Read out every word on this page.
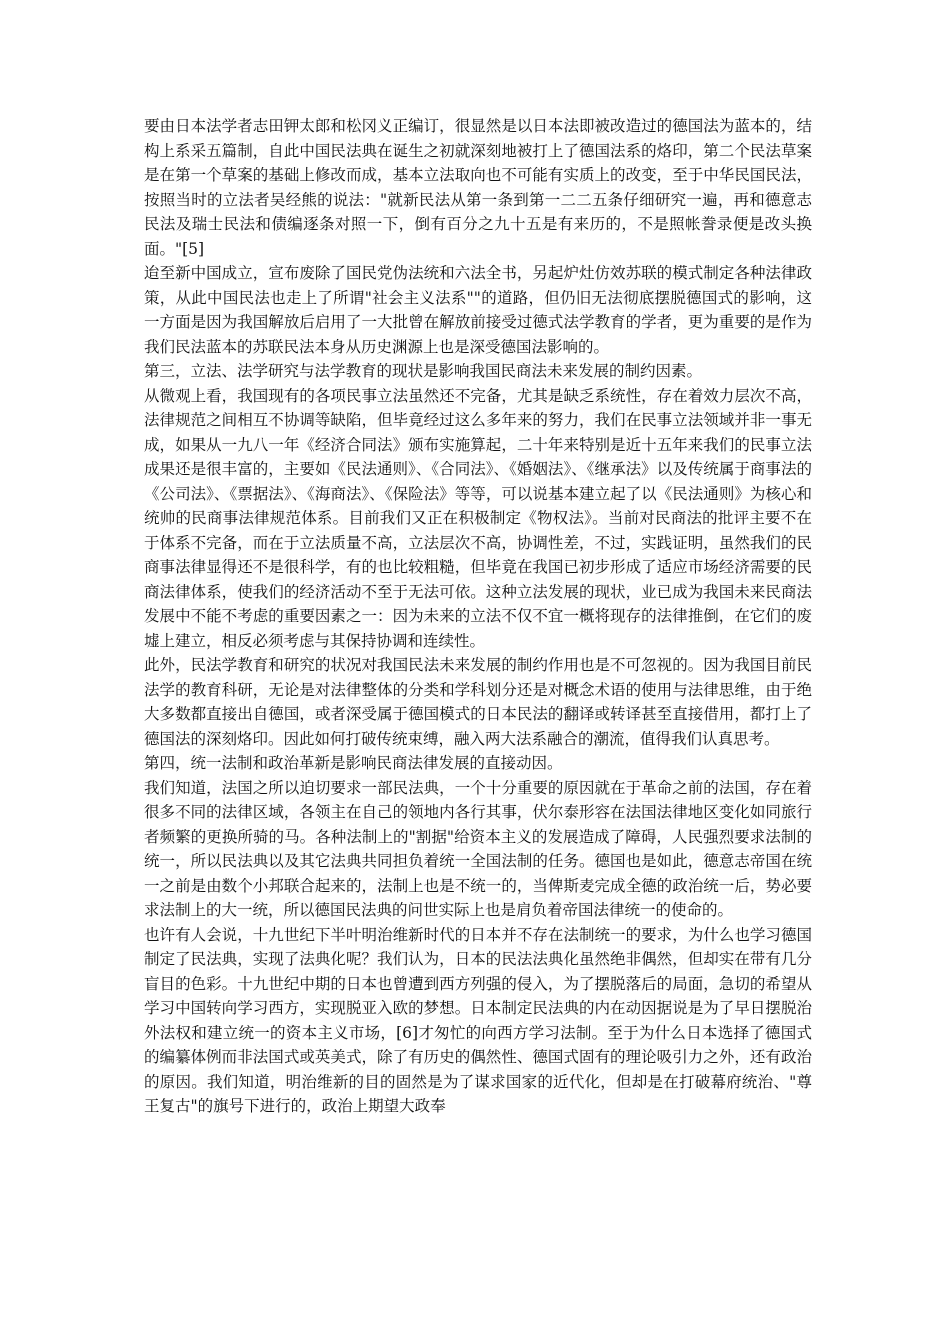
要由日本法学者志田钾太郎和松冈义正编订，很显然是以日本法即被改造过的德国法为蓝本的，结构上系采五篇制，自此中国民法典在诞生之初就深刻地被打上了德国法系的烙印，第二个民法草案是在第一个草案的基础上修改而成，基本立法取向也不可能有实质上的改变，至于中华民国民法，按照当时的立法者吴经熊的说法："就新民法从第一条到第一二二五条仔细研究一遍，再和德意志民法及瑞士民法和债编逐条对照一下，倒有百分之九十五是有来历的，不是照帐誊录便是改头换面。"[5]

迨至新中国成立，宣布废除了国民党伪法统和六法全书，另起炉灶仿效苏联的模式制定各种法律政策，从此中国民法也走上了所谓"社会主义法系""的道路，但仍旧无法彻底摆脱德国式的影响，这一方面是因为我国解放后启用了一大批曾在解放前接受过德式法学教育的学者，更为重要的是作为我们民法蓝本的苏联民法本身从历史渊源上也是深受德国法影响的。

第三，立法、法学研究与法学教育的现状是影响我国民商法未来发展的制约因素。

从微观上看，我国现有的各项民事立法虽然还不完备，尤其是缺乏系统性，存在着效力层次不高，法律规范之间相互不协调等缺陷，但毕竟经过这么多年来的努力，我们在民事立法领域并非一事无成，如果从一九八一年《经济合同法》颁布实施算起，二十年来特别是近十五年来我们的民事立法成果还是很丰富的，主要如《民法通则》、《合同法》、《婚姻法》、《继承法》以及传统属于商事法的《公司法》、《票据法》、《海商法》、《保险法》等等，可以说基本建立起了以《民法通则》为核心和统帅的民商事法律规范体系。目前我们又正在积极制定《物权法》。当前对民商法的批评主要不在于体系不完备，而在于立法质量不高，立法层次不高，协调性差，不过，实践证明，虽然我们的民商事法律显得还不是很科学，有的也比较粗糙，但毕竟在我国已初步形成了适应市场经济需要的民商法律体系，使我们的经济活动不至于无法可依。这种立法发展的现状，业已成为我国未来民商法发展中不能不考虑的重要因素之一：因为未来的立法不仅不宜一概将现存的法律推倒，在它们的废墟上建立，相反必须考虑与其保持协调和连续性。

此外，民法学教育和研究的状况对我国民法未来发展的制约作用也是不可忽视的。因为我国目前民法学的教育科研，无论是对法律整体的分类和学科划分还是对概念术语的使用与法律思维，由于绝大多数都直接出自德国，或者深受属于德国模式的日本民法的翻译或转译甚至直接借用，都打上了德国法的深刻烙印。因此如何打破传统束缚，融入两大法系融合的潮流，值得我们认真思考。

第四，统一法制和政治革新是影响民商法律发展的直接动因。

我们知道，法国之所以迫切要求一部民法典，一个十分重要的原因就在于革命之前的法国，存在着很多不同的法律区域，各领主在自己的领地内各行其事，伏尔泰形容在法国法律地区变化如同旅行者频繁的更换所骑的马。各种法制上的"割据"给资本主义的发展造成了障碍，人民强烈要求法制的统一，所以民法典以及其它法典共同担负着统一全国法制的任务。德国也是如此，德意志帝国在统一之前是由数个小邦联合起来的，法制上也是不统一的，当俾斯麦完成全德的政治统一后，势必要求法制上的大一统，所以德国民法典的问世实际上也是肩负着帝国法律统一的使命的。

也许有人会说，十九世纪下半叶明治维新时代的日本并不存在法制统一的要求，为什么也学习德国制定了民法典，实现了法典化呢？我们认为，日本的民法法典化虽然绝非偶然，但却实在带有几分盲目的色彩。十九世纪中期的日本也曾遭到西方列强的侵入，为了摆脱落后的局面，急切的希望从学习中国转向学习西方，实现脱亚入欧的梦想。日本制定民法典的内在动因据说是为了早日摆脱治外法权和建立统一的资本主义市场，[6]才匆忙的向西方学习法制。至于为什么日本选择了德国式的编纂体例而非法国式或英美式，除了有历史的偶然性、德国式固有的理论吸引力之外，还有政治的原因。我们知道，明治维新的目的固然是为了谋求国家的近代化，但却是在打破幕府统治、"尊王复古"的旗号下进行的，政治上期望大政奉
